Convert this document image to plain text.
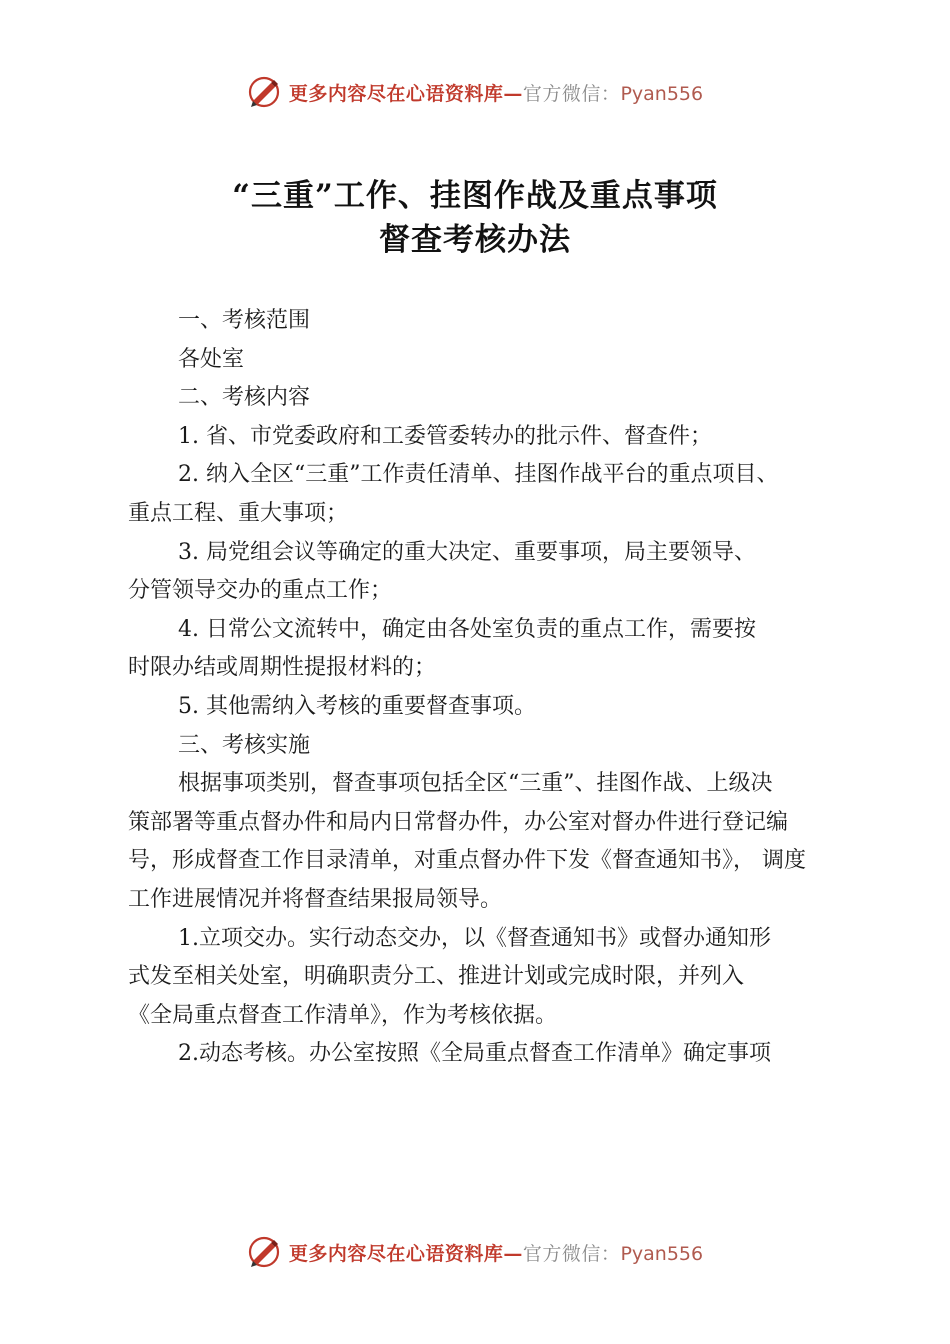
更多内容尽在心语资料库—官方微信：Pyan556
“三重”工作、挂图作战及重点事项
督查考核办法
一、考核范围
各处室
二、考核内容
1. 省、市党委政府和工委管委转办的批示件、督查件；
2. 纳入全区“三重”工作责任清单、挂图作战平台的重点项目、
重点工程、重大事项；
3. 局党组会议等确定的重大决定、重要事项，局主要领导、
分管领导交办的重点工作；
4. 日常公文流转中，确定由各处室负责的重点工作，需要按
时限办结或周期性提报材料的；
5. 其他需纳入考核的重要督查事项。
三、考核实施
根据事项类别，督查事项包括全区“三重”、挂图作战、上级决
策部署等重点督办件和局内日常督办件，办公室对督办件进行登记编
号，形成督查工作目录清单，对重点督办件下发《督查通知书》， 调度
工作进展情况并将督查结果报局领导。
1.立项交办。实行动态交办，以《督查通知书》或督办通知形
式发至相关处室，明确职责分工、推进计划或完成时限，并列入
《全局重点督查工作清单》，作为考核依据。
2.动态考核。办公室按照《全局重点督查工作清单》确定事项
更多内容尽在心语资料库—官方微信：Pyan556
